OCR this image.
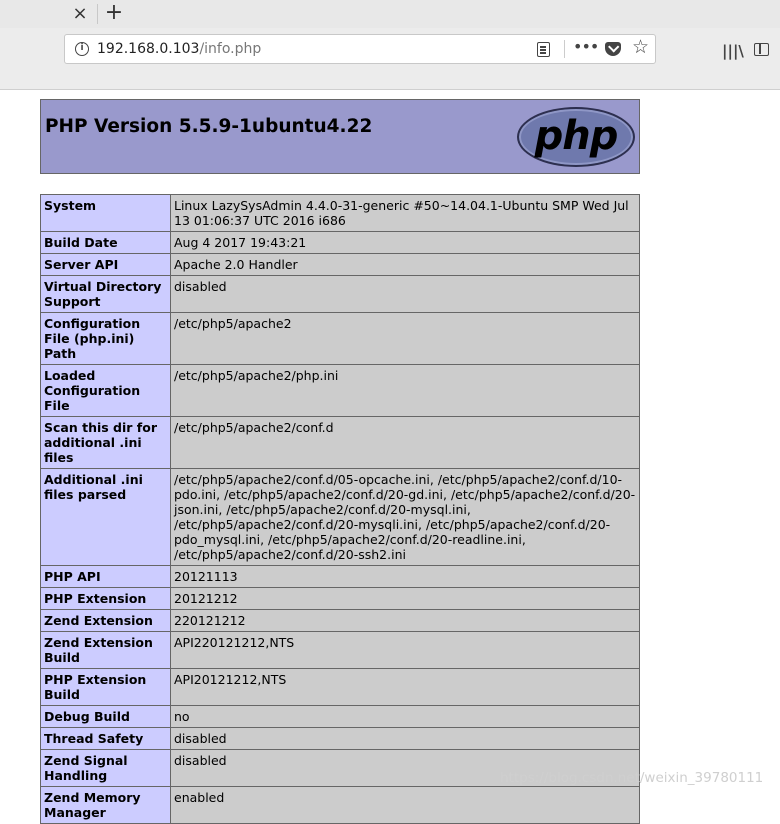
× +
i 192.168.0.103/info.php	••• ☆	|||\
PHP Version 5.5.9-1ubuntu4.22	php
System	Linux LazySysAdmin 4.4.0-31-generic #50~14.04.1-Ubuntu SMP Wed Jul 13 01:06:37 UTC 2016 i686
Build Date	Aug 4 2017 19:43:21
Server API	Apache 2.0 Handler
Virtual Directory Support	disabled
Configuration File (php.ini) Path	/etc/php5/apache2
Loaded Configuration File	/etc/php5/apache2/php.ini
Scan this dir for additional .ini files	/etc/php5/apache2/conf.d
Additional .ini files parsed	/etc/php5/apache2/conf.d/05-opcache.ini, /etc/php5/apache2/conf.d/10-pdo.ini, /etc/php5/apache2/conf.d/20-gd.ini, /etc/php5/apache2/conf.d/20-json.ini, /etc/php5/apache2/conf.d/20-mysql.ini, /etc/php5/apache2/conf.d/20-mysqli.ini, /etc/php5/apache2/conf.d/20-pdo_mysql.ini, /etc/php5/apache2/conf.d/20-readline.ini, /etc/php5/apache2/conf.d/20-ssh2.ini
PHP API	20121113
PHP Extension	20121212
Zend Extension	220121212
Zend Extension Build	API220121212,NTS
PHP Extension Build	API20121212,NTS
Debug Build	no
Thread Safety	disabled
Zend Signal Handling	disabled
Zend Memory Manager	enabled
https://blog.csdn.net/weixin_39780111
